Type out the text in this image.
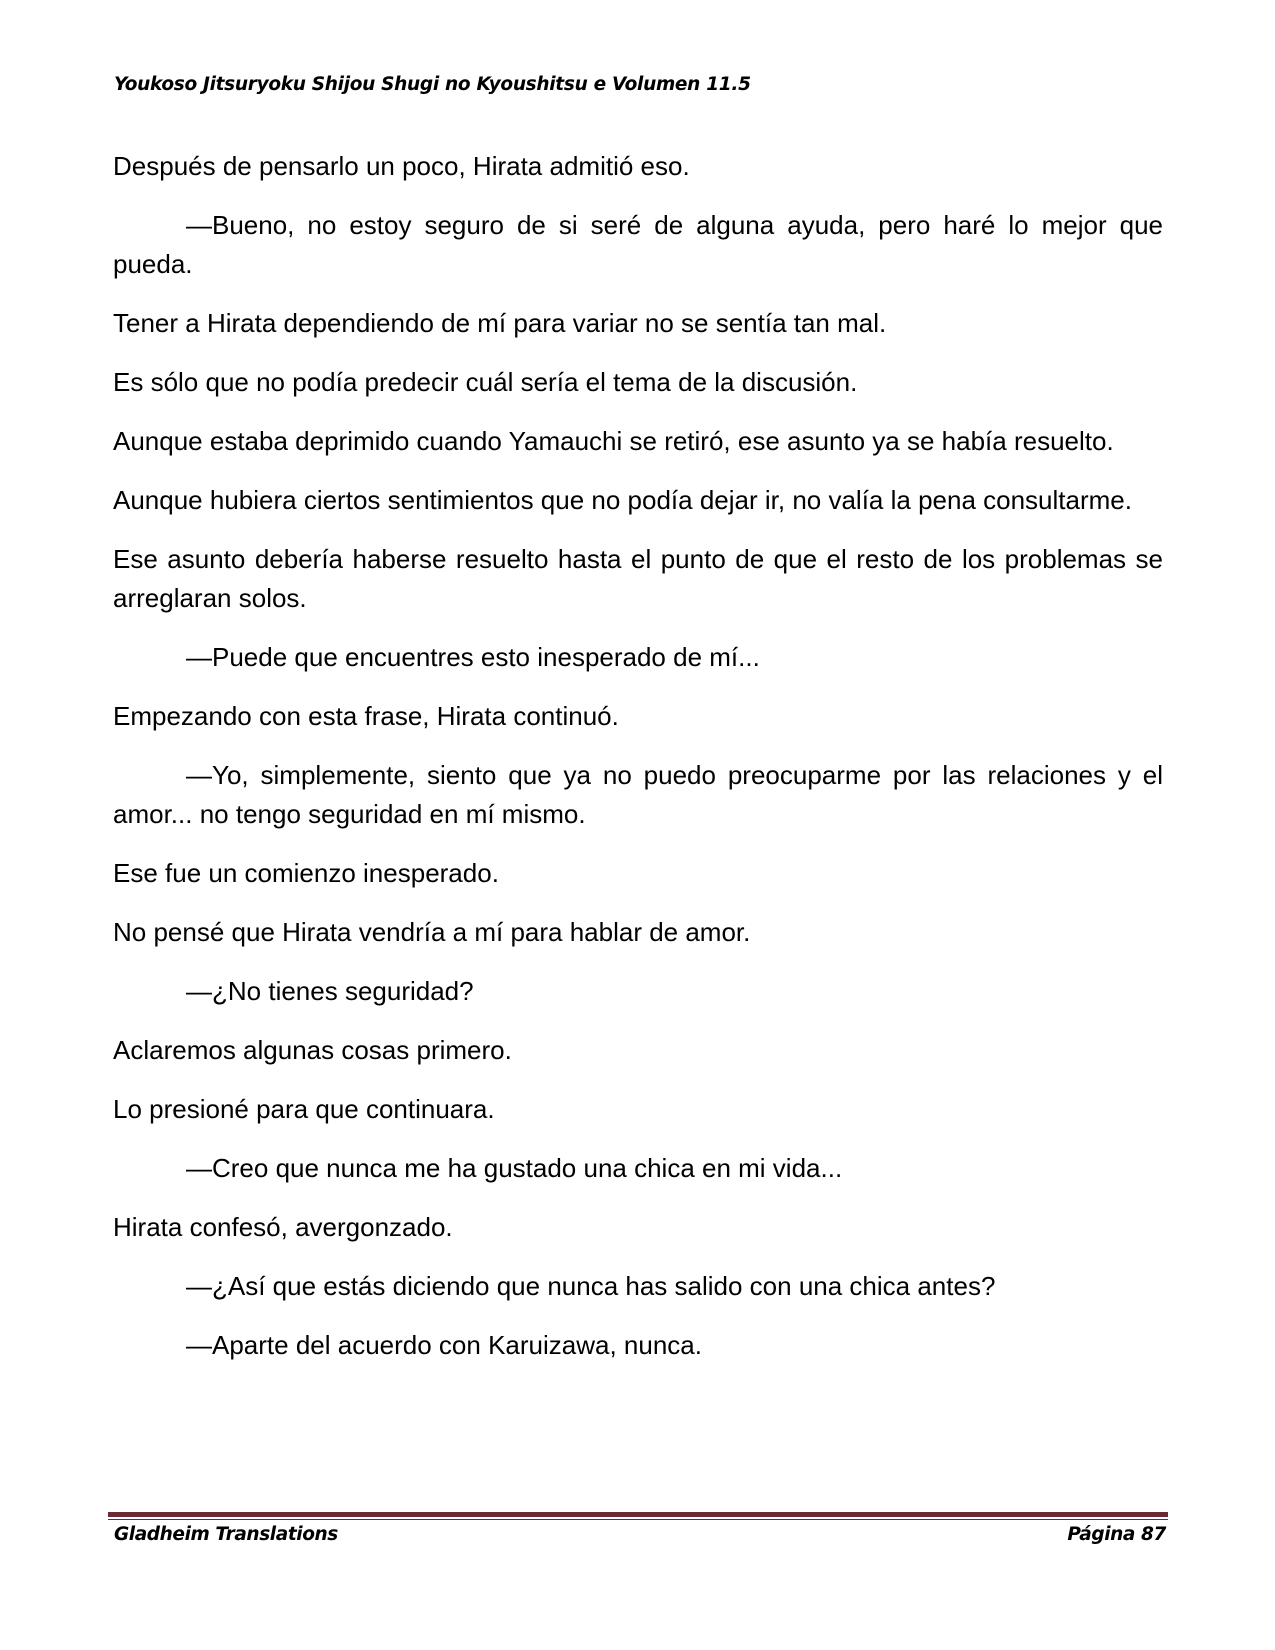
Youkoso Jitsuryoku Shijou Shugi no Kyoushitsu e Volumen 11.5

Después de pensarlo un poco, Hirata admitió eso.

—Bueno, no estoy seguro de si seré de alguna ayuda, pero haré lo mejor que pueda.

Tener a Hirata dependiendo de mí para variar no se sentía tan mal.

Es sólo que no podía predecir cuál sería el tema de la discusión.

Aunque estaba deprimido cuando Yamauchi se retiró, ese asunto ya se había resuelto.

Aunque hubiera ciertos sentimientos que no podía dejar ir, no valía la pena consultarme.

Ese asunto debería haberse resuelto hasta el punto de que el resto de los problemas se arreglaran solos.

—Puede que encuentres esto inesperado de mí...

Empezando con esta frase, Hirata continuó.

—Yo, simplemente, siento que ya no puedo preocuparme por las relaciones y el amor... no tengo seguridad en mí mismo.

Ese fue un comienzo inesperado.

No pensé que Hirata vendría a mí para hablar de amor.

—¿No tienes seguridad?

Aclaremos algunas cosas primero.

Lo presioné para que continuara.

—Creo que nunca me ha gustado una chica en mi vida...

Hirata confesó, avergonzado.

—¿Así que estás diciendo que nunca has salido con una chica antes?

—Aparte del acuerdo con Karuizawa, nunca.

Gladheim Translations	Página 87
